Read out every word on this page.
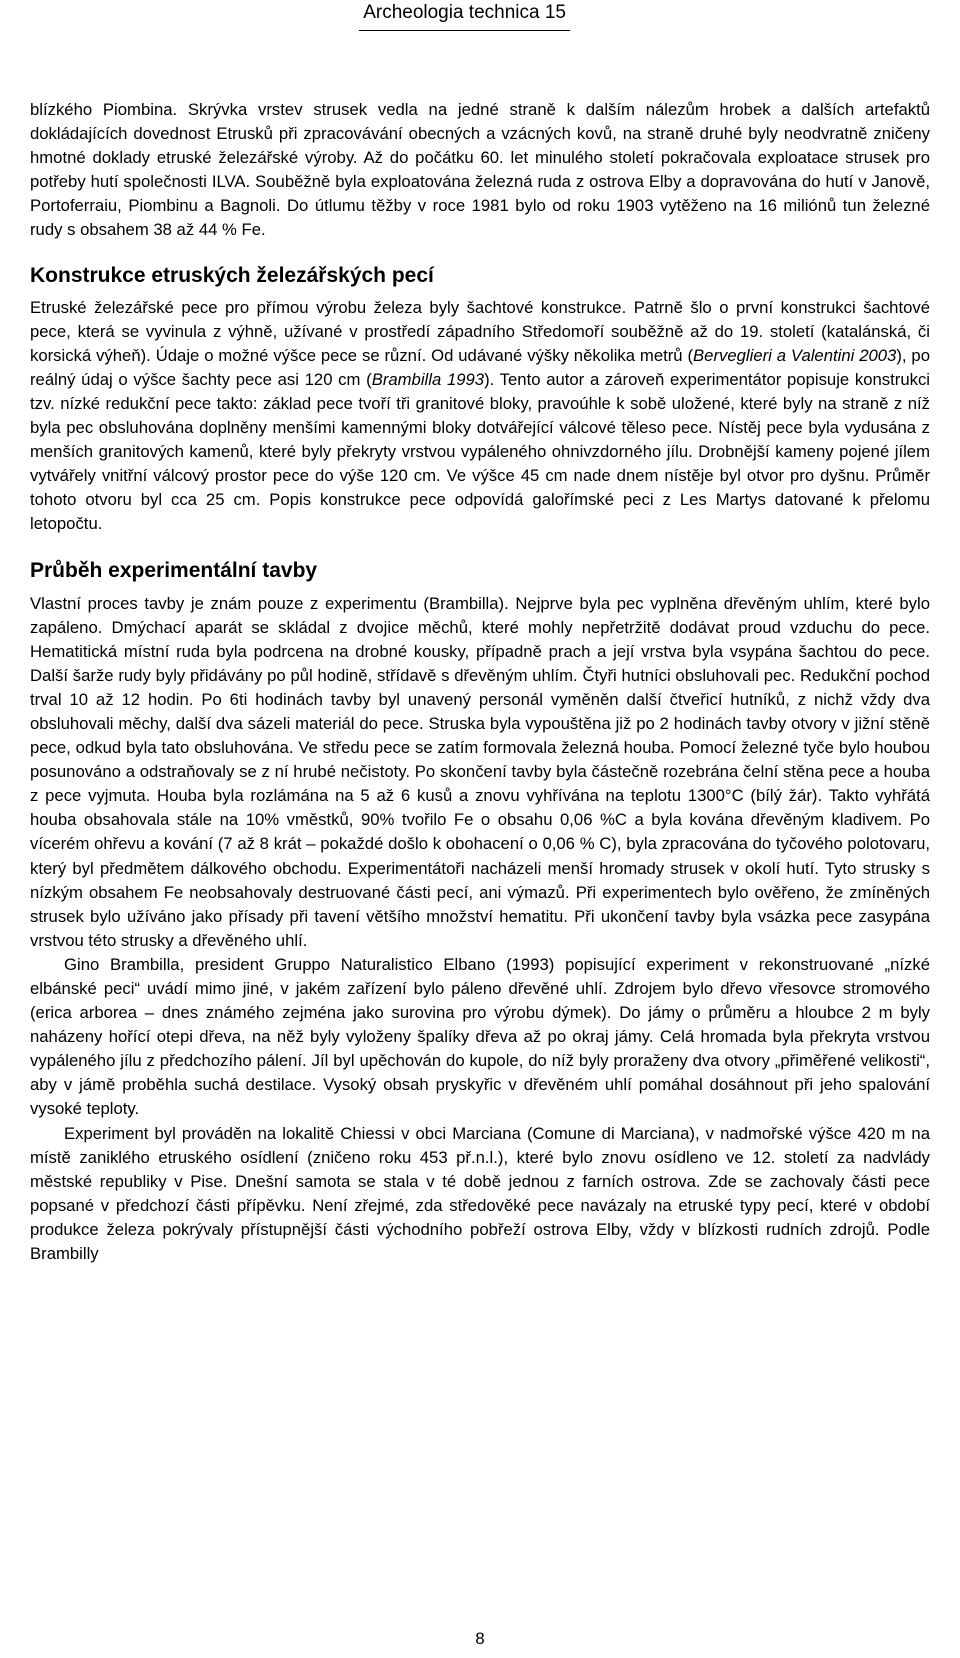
Archeologia technica 15

blízkého Piombina. Skrývka vrstev strusek vedla na jedné straně k dalším nálezům hrobek a dalších artefaktů dokládajících dovednost Etrusků při zpracovávání obecných a vzácných kovů, na straně druhé byly neodvratně zničeny hmotné doklady etruské železářské výroby. Až do počátku 60. let minulého století pokračovala exploatace strusek pro potřeby hutí společnosti ILVA. Souběžně byla exploatována železná ruda z ostrova Elby a dopravována do hutí v Janově, Portoferraiu, Piombinu a Bagnoli. Do útlumu těžby v roce 1981 bylo od roku 1903 vytěženo na 16 miliónů tun železné rudy s obsahem 38 až 44 % Fe.

Konstrukce etruských železářských pecí

Etruské železářské pece pro přímou výrobu železa byly šachtové konstrukce. Patrně šlo o první konstrukci šachtové pece, která se vyvinula z výhně, užívané v prostředí západního Středomoří souběžně až do 19. století (katalánská, či korsická výheň). Údaje o možné výšce pece se různí. Od udávané výšky několika metrů (Berveglieri a Valentini 2003), po reálný údaj o výšce šachty pece asi 120 cm (Brambilla 1993). Tento autor a zároveň experimentátor popisuje konstrukci tzv. nízké redukční pece takto: základ pece tvoří tři granitové bloky, pravoúhle k sobě uložené, které byly na straně z níž byla pec obsluhována doplněny menšími kamennými bloky dotvářející válcové těleso pece. Nístěj pece byla vydusána z menších granitových kamenů, které byly překryty vrstvou vypáleného ohnivzdorného jílu. Drobnější kameny pojené jílem vytvářely vnitřní válcový prostor pece do výše 120 cm. Ve výšce 45 cm nade dnem nístěje byl otvor pro dyšnu. Průměr tohoto otvoru byl cca 25 cm. Popis konstrukce pece odpovídá galořímské peci z Les Martys datované k přelomu letopočtu.

Průběh experimentální tavby

Vlastní proces tavby je znám pouze z experimentu (Brambilla). Nejprve byla pec vyplněna dřevěným uhlím, které bylo zapáleno. Dmýchací aparát se skládal z dvojice měchů, které mohly nepřetržitě dodávat proud vzduchu do pece. Hematitická místní ruda byla podrcena na drobné kousky, případně prach a její vrstva byla vsypána šachtou do pece. Další šarže rudy byly přidávány po půl hodině, střídavě s dřevěným uhlím. Čtyři hutníci obsluhovali pec. Redukční pochod trval 10 až 12 hodin. Po 6ti hodinách tavby byl unavený personál vyměněn další čtveřicí hutníků, z nichž vždy dva obsluhovali měchy, další dva sázeli materiál do pece. Struska byla vypouštěna již po 2 hodinách tavby otvory v jižní stěně pece, odkud byla tato obsluhována. Ve středu pece se zatím formovala železná houba. Pomocí železné tyče bylo houbou posunováno a odstraňovaly se z ní hrubé nečistoty. Po skončení tavby byla částečně rozebrána čelní stěna pece a houba z pece vyjmuta. Houba byla rozlámána na 5 až 6 kusů a znovu vyhřívána na teplotu 1300°C (bílý žár). Takto vyhřátá houba obsahovala stále na 10% vměstků, 90% tvořilo Fe o obsahu 0,06 %C a byla kována dřevěným kladivem. Po vícerém ohřevu a kování (7 až 8 krát – pokaždé došlo k obohacení o 0,06 % C), byla zpracována do tyčového polotovaru, který byl předmětem dálkového obchodu. Experimentátoři nacházeli menší hromady strusek v okolí hutí. Tyto strusky s nízkým obsahem Fe neobsahovaly destruované části pecí, ani výmazů. Při experimentech bylo ověřeno, že zmíněných strusek bylo užíváno jako přísady při tavení většího množství hematitu. Při ukončení tavby byla vsázka pece zasypána vrstvou této strusky a dřevěného uhlí.

Gino Brambilla, president Gruppo Naturalistico Elbano (1993) popisující experiment v rekonstruované „nízké elbánské peci“ uvádí mimo jiné, v jakém zařízení bylo páleno dřevěné uhlí. Zdrojem bylo dřevo vřesovce stromového (erica arborea – dnes známého zejména jako surovina pro výrobu dýmek). Do jámy o průměru a hloubce 2 m byly naházeny hořící otepi dřeva, na něž byly vyloženy špalíky dřeva až po okraj jámy. Celá hromada byla překryta vrstvou vypáleného jílu z předchozího pálení. Jíl byl upěchován do kupole, do níž byly proraženy dva otvory „přiměřené velikosti“, aby v jámě proběhla suchá destilace. Vysoký obsah pryskyřic v dřevěném uhlí pomáhal dosáhnout při jeho spalování vysoké teploty.

Experiment byl prováděn na lokalitě Chiessi v obci Marciana (Comune di Marciana), v nadmořské výšce 420 m na místě zaniklého etruského osídlení (zničeno roku 453 př.n.l.), které bylo znovu osídleno ve 12. století za nadvlády městské republiky v Pise. Dnešní samota se stala v té době jednou z farních ostrova. Zde se zachovaly části pece popsané v předchozí části přípěvku. Není zřejmé, zda středověké pece navázaly na etruské typy pecí, které v období produkce železa pokrývaly přístupnější části východního pobřeží ostrova Elby, vždy v blízkosti rudních zdrojů. Podle Brambilly

8
